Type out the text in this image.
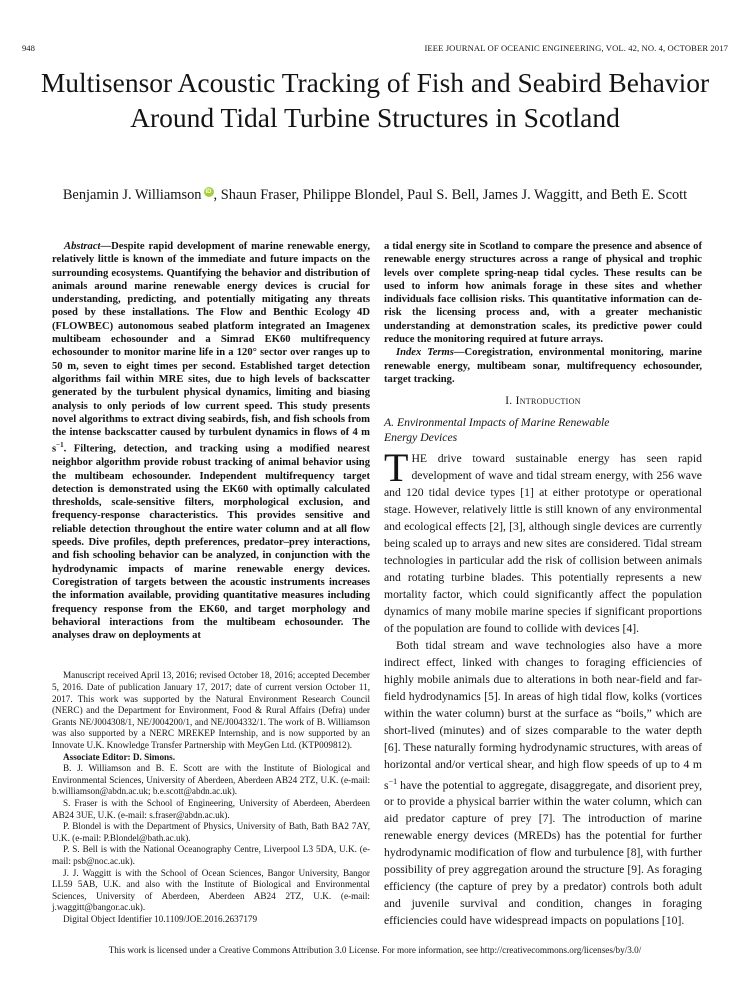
948	IEEE JOURNAL OF OCEANIC ENGINEERING, VOL. 42, NO. 4, OCTOBER 2017
Multisensor Acoustic Tracking of Fish and Seabird Behavior Around Tidal Turbine Structures in Scotland
Benjamin J. Williamson iD , Shaun Fraser, Philippe Blondel, Paul S. Bell, James J. Waggitt, and Beth E. Scott

Abstract—Despite rapid development of marine renewable energy, relatively little is known of the immediate and future impacts on the surrounding ecosystems. Quantifying the behavior and distribution of animals around marine renewable energy devices is crucial for understanding, predicting, and potentially mitigating any threats posed by these installations. The Flow and Benthic Ecology 4D (FLOWBEC) autonomous seabed platform integrated an Imagenex multibeam echosounder and a Simrad EK60 multifrequency echosounder to monitor marine life in a 120° sector over ranges up to 50 m, seven to eight times per second. Established target detection algorithms fail within MRE sites, due to high levels of backscatter generated by the turbulent physical dynamics, limiting and biasing analysis to only periods of low current speed. This study presents novel algorithms to extract diving seabirds, fish, and fish schools from the intense backscatter caused by turbulent dynamics in flows of 4 m $s^{-1}$. Filtering, detection, and tracking using a modified nearest neighbor algorithm provide robust tracking of animal behavior using the multibeam echosounder. Independent multifrequency target detection is demonstrated using the EK60 with optimally calculated thresholds, scale-sensitive filters, morphological exclusion, and frequency-response characteristics. This provides sensitive and reliable detection throughout the entire water column and at all flow speeds. Dive profiles, depth preferences, predator–prey interactions, and fish schooling behavior can be analyzed, in conjunction with the hydrodynamic impacts of marine renewable energy devices. Coregistration of targets between the acoustic instruments increases the information available, providing quantitative measures including frequency response from the EK60, and target morphology and behavioral interactions from the multibeam echosounder. The analyses draw on deployments at

Manuscript received April 13, 2016; revised October 18, 2016; accepted December 5, 2016. Date of publication January 17, 2017; date of current version October 11, 2017. This work was supported by the Natural Environment Research Council (NERC) and the Department for Environment, Food & Rural Affairs (Defra) under Grants NE/J004308/1, NE/J004200/1, and NE/J004332/1. The work of B. Williamson was also supported by a NERC MREKEP Internship, and is now supported by an Innovate U.K. Knowledge Transfer Partnership with MeyGen Ltd. (KTP009812).

Associate Editor: D. Simons.

B. J. Williamson and B. E. Scott are with the Institute of Biological and Environmental Sciences, University of Aberdeen, Aberdeen AB24 2TZ, U.K. (e-mail: b.williamson@abdn.ac.uk; b.e.scott@abdn.ac.uk).

S. Fraser is with the School of Engineering, University of Aberdeen, Aberdeen AB24 3UE, U.K. (e-mail: s.fraser@abdn.ac.uk).

P. Blondel is with the Department of Physics, University of Bath, Bath BA2 7AY, U.K. (e-mail: P.Blondel@bath.ac.uk).

P. S. Bell is with the National Oceanography Centre, Liverpool L3 5DA, U.K. (e-mail: psb@noc.ac.uk).

J. J. Waggitt is with the School of Ocean Sciences, Bangor University, Bangor LL59 5AB, U.K. and also with the Institute of Biological and Environmental Sciences, University of Aberdeen, Aberdeen AB24 2TZ, U.K. (e-mail: j.waggitt@bangor.ac.uk).

Digital Object Identifier 10.1109/JOE.2016.2637179

a tidal energy site in Scotland to compare the presence and absence of renewable energy structures across a range of physical and trophic levels over complete spring-neap tidal cycles. These results can be used to inform how animals forage in these sites and whether individuals face collision risks. This quantitative information can de-risk the licensing process and, with a greater mechanistic understanding at demonstration scales, its predictive power could reduce the monitoring required at future arrays.

Index Terms—Coregistration, environmental monitoring, marine renewable energy, multibeam sonar, multifrequency echosounder, target tracking.

I. Introduction

A. Environmental Impacts of Marine Renewable Energy Devices

THE drive toward sustainable energy has seen rapid development of wave and tidal stream energy, with 256 wave and 120 tidal device types [1] at either prototype or operational stage. However, relatively little is still known of any environmental and ecological effects [2], [3], although single devices are currently being scaled up to arrays and new sites are considered. Tidal stream technologies in particular add the risk of collision between animals and rotating turbine blades. This potentially represents a new mortality factor, which could significantly affect the population dynamics of many mobile marine species if significant proportions of the population are found to collide with devices [4].

Both tidal stream and wave technologies also have a more indirect effect, linked with changes to foraging efficiencies of highly mobile animals due to alterations in both near-field and far-field hydrodynamics [5]. In areas of high tidal flow, kolks (vortices within the water column) burst at the surface as “boils,” which are short-lived (minutes) and of sizes comparable to the water depth [6]. These naturally forming hydrodynamic structures, with areas of horizontal and/or vertical shear, and high flow speeds of up to 4 m $s^{-1}$ have the potential to aggregate, disaggregate, and disorient prey, or to provide a physical barrier within the water column, which can aid predator capture of prey [7]. The introduction of marine renewable energy devices (MREDs) has the potential for further hydrodynamic modification of flow and turbulence [8], with further possibility of prey aggregation around the structure [9]. As foraging efficiency (the capture of prey by a predator) controls both adult and juvenile survival and condition, changes in foraging efficiencies could have widespread impacts on populations [10].

This work is licensed under a Creative Commons Attribution 3.0 License. For more information, see http://creativecommons.org/licenses/by/3.0/
